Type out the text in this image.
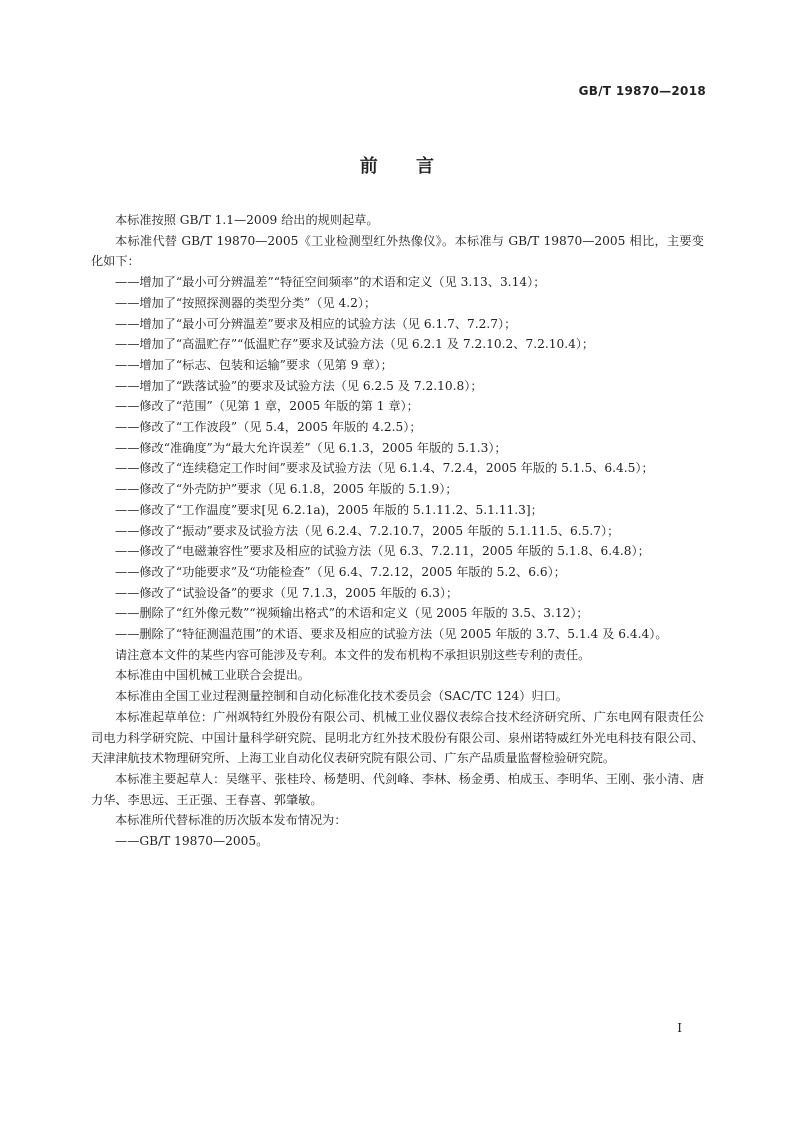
GB/T 19870—2018
前 言

本标准按照 GB/T 1.1—2009 给出的规则起草。

本标准代替 GB/T 19870—2005《工业检测型红外热像仪》。本标准与 GB/T 19870—2005 相比，主要变化如下：

——增加了“最小可分辨温差”“特征空间频率”的术语和定义（见 3.13、3.14）；

——增加了“按照探测器的类型分类”（见 4.2）；

——增加了“最小可分辨温差”要求及相应的试验方法（见 6.1.7、7.2.7）；

——增加了“高温贮存”“低温贮存”要求及试验方法（见 6.2.1 及 7.2.10.2、7.2.10.4）；

——增加了“标志、包装和运输”要求（见第 9 章）；

——增加了“跌落试验”的要求及试验方法（见 6.2.5 及 7.2.10.8）；

——修改了“范围”（见第 1 章，2005 年版的第 1 章）；

——修改了“工作波段”（见 5.4，2005 年版的 4.2.5）；

——修改“准确度”为“最大允许误差”（见 6.1.3，2005 年版的 5.1.3）；

——修改了“连续稳定工作时间”要求及试验方法（见 6.1.4、7.2.4，2005 年版的 5.1.5、6.4.5）；

——修改了“外壳防护”要求（见 6.1.8，2005 年版的 5.1.9）；

——修改了“工作温度”要求[见 6.2.1a)，2005 年版的 5.1.11.2、5.1.11.3]；

——修改了“振动”要求及试验方法（见 6.2.4、7.2.10.7，2005 年版的 5.1.11.5、6.5.7）；

——修改了“电磁兼容性”要求及相应的试验方法（见 6.3、7.2.11，2005 年版的 5.1.8、6.4.8）；

——修改了“功能要求”及“功能检查”（见 6.4、7.2.12，2005 年版的 5.2、6.6）；

——修改了“试验设备”的要求（见 7.1.3，2005 年版的 6.3）；

——删除了“红外像元数”“视频输出格式”的术语和定义（见 2005 年版的 3.5、3.12）；

——删除了“特征测温范围”的术语、要求及相应的试验方法（见 2005 年版的 3.7、5.1.4 及 6.4.4）。

请注意本文件的某些内容可能涉及专利。本文件的发布机构不承担识别这些专利的责任。

本标准由中国机械工业联合会提出。

本标准由全国工业过程测量控制和自动化标准化技术委员会（SAC/TC 124）归口。

本标准起草单位：广州飒特红外股份有限公司、机械工业仪器仪表综合技术经济研究所、广东电网有限责任公司电力科学研究院、中国计量科学研究院、昆明北方红外技术股份有限公司、泉州诺特威红外光电科技有限公司、天津津航技术物理研究所、上海工业自动化仪表研究院有限公司、广东产品质量监督检验研究院。

本标准主要起草人：吴继平、张桂玲、杨楚明、代剑峰、李林、杨金勇、柏成玉、李明华、王刚、张小清、唐力华、李思远、王正强、王春喜、郭肇敏。

本标准所代替标准的历次版本发布情况为：

——GB/T 19870—2005。

I
